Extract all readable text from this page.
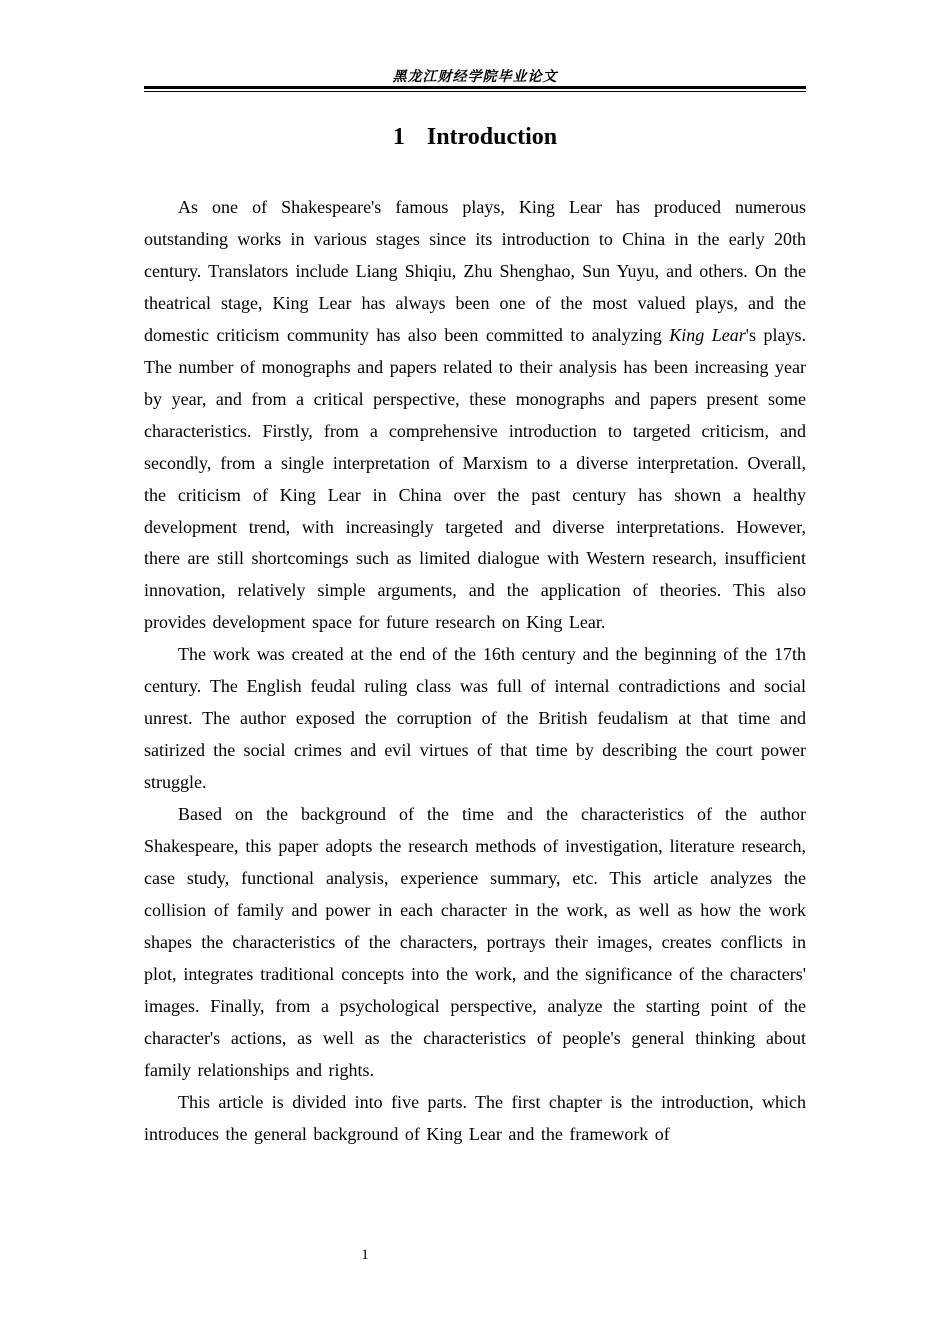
黑龙江财经学院毕业论文
1 Introduction

As one of Shakespeare's famous plays, King Lear has produced numerous outstanding works in various stages since its introduction to China in the early 20th century. Translators include Liang Shiqiu, Zhu Shenghao, Sun Yuyu, and others. On the theatrical stage, King Lear has always been one of the most valued plays, and the domestic criticism community has also been committed to analyzing King Lear's plays. The number of monographs and papers related to their analysis has been increasing year by year, and from a critical perspective, these monographs and papers present some characteristics. Firstly, from a comprehensive introduction to targeted criticism, and secondly, from a single interpretation of Marxism to a diverse interpretation. Overall, the criticism of King Lear in China over the past century has shown a healthy development trend, with increasingly targeted and diverse interpretations. However, there are still shortcomings such as limited dialogue with Western research, insufficient innovation, relatively simple arguments, and the application of theories. This also provides development space for future research on King Lear.

The work was created at the end of the 16th century and the beginning of the 17th century. The English feudal ruling class was full of internal contradictions and social unrest. The author exposed the corruption of the British feudalism at that time and satirized the social crimes and evil virtues of that time by describing the court power struggle.

Based on the background of the time and the characteristics of the author Shakespeare, this paper adopts the research methods of investigation, literature research, case study, functional analysis, experience summary, etc. This article analyzes the collision of family and power in each character in the work, as well as how the work shapes the characteristics of the characters, portrays their images, creates conflicts in plot, integrates traditional concepts into the work, and the significance of the characters' images. Finally, from a psychological perspective, analyze the starting point of the character's actions, as well as the characteristics of people's general thinking about family relationships and rights.

This article is divided into five parts. The first chapter is the introduction, which introduces the general background of King Lear and the framework of

1
